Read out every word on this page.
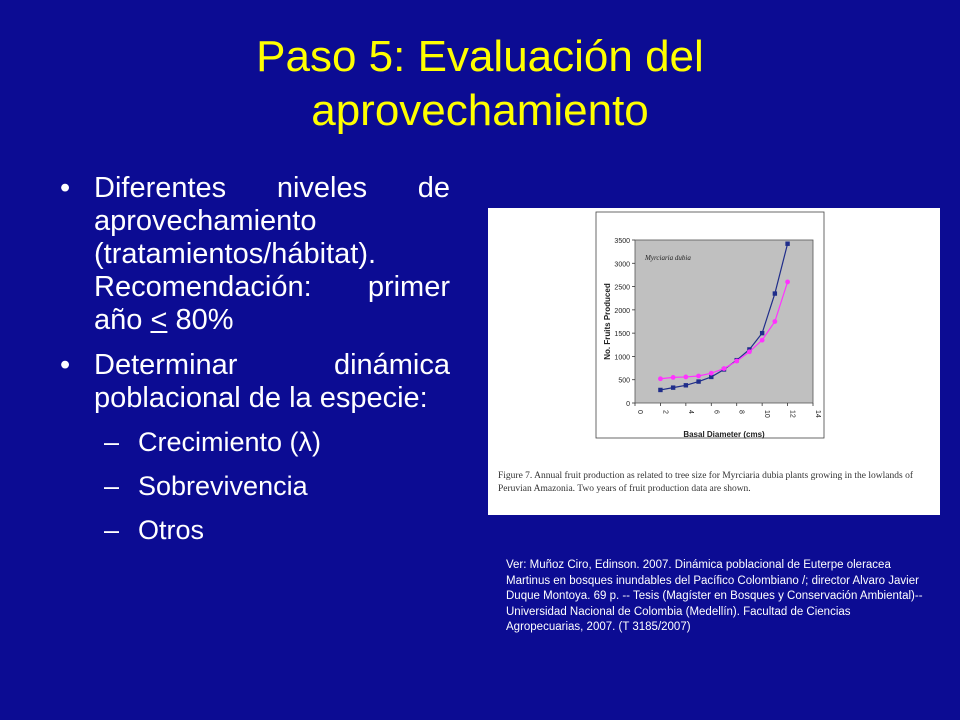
Paso 5: Evaluación del
aprovechamiento
• Diferentes niveles de aprovechamiento (tratamientos/hábitat). Recomendación: primer año < 80%
• Determinar dinámica poblacional de la especie:
– Crecimiento (λ)
– Sobrevivencia
– Otros
0
500
1000
1500
2000
2500
3000
3500
0	2	4	6	8	10	12	14
Basal Diameter (cms)
No. Fruits Produced
Myrciaria dubia
Figure 7. Annual fruit production as related to tree size for Myrciaria dubia plants growing in the lowlands of Peruvian Amazonia. Two years of fruit production data are shown.
Ver: Muñoz Ciro, Edinson. 2007. Dinámica poblacional de Euterpe oleracea Martinus en bosques inundables del Pacífico Colombiano /; director Alvaro Javier Duque Montoya. 69 p. -- Tesis (Magíster en Bosques y Conservación Ambiental)--Universidad Nacional de Colombia (Medellín). Facultad de Ciencias Agropecuarias, 2007. (T 3185/2007)
